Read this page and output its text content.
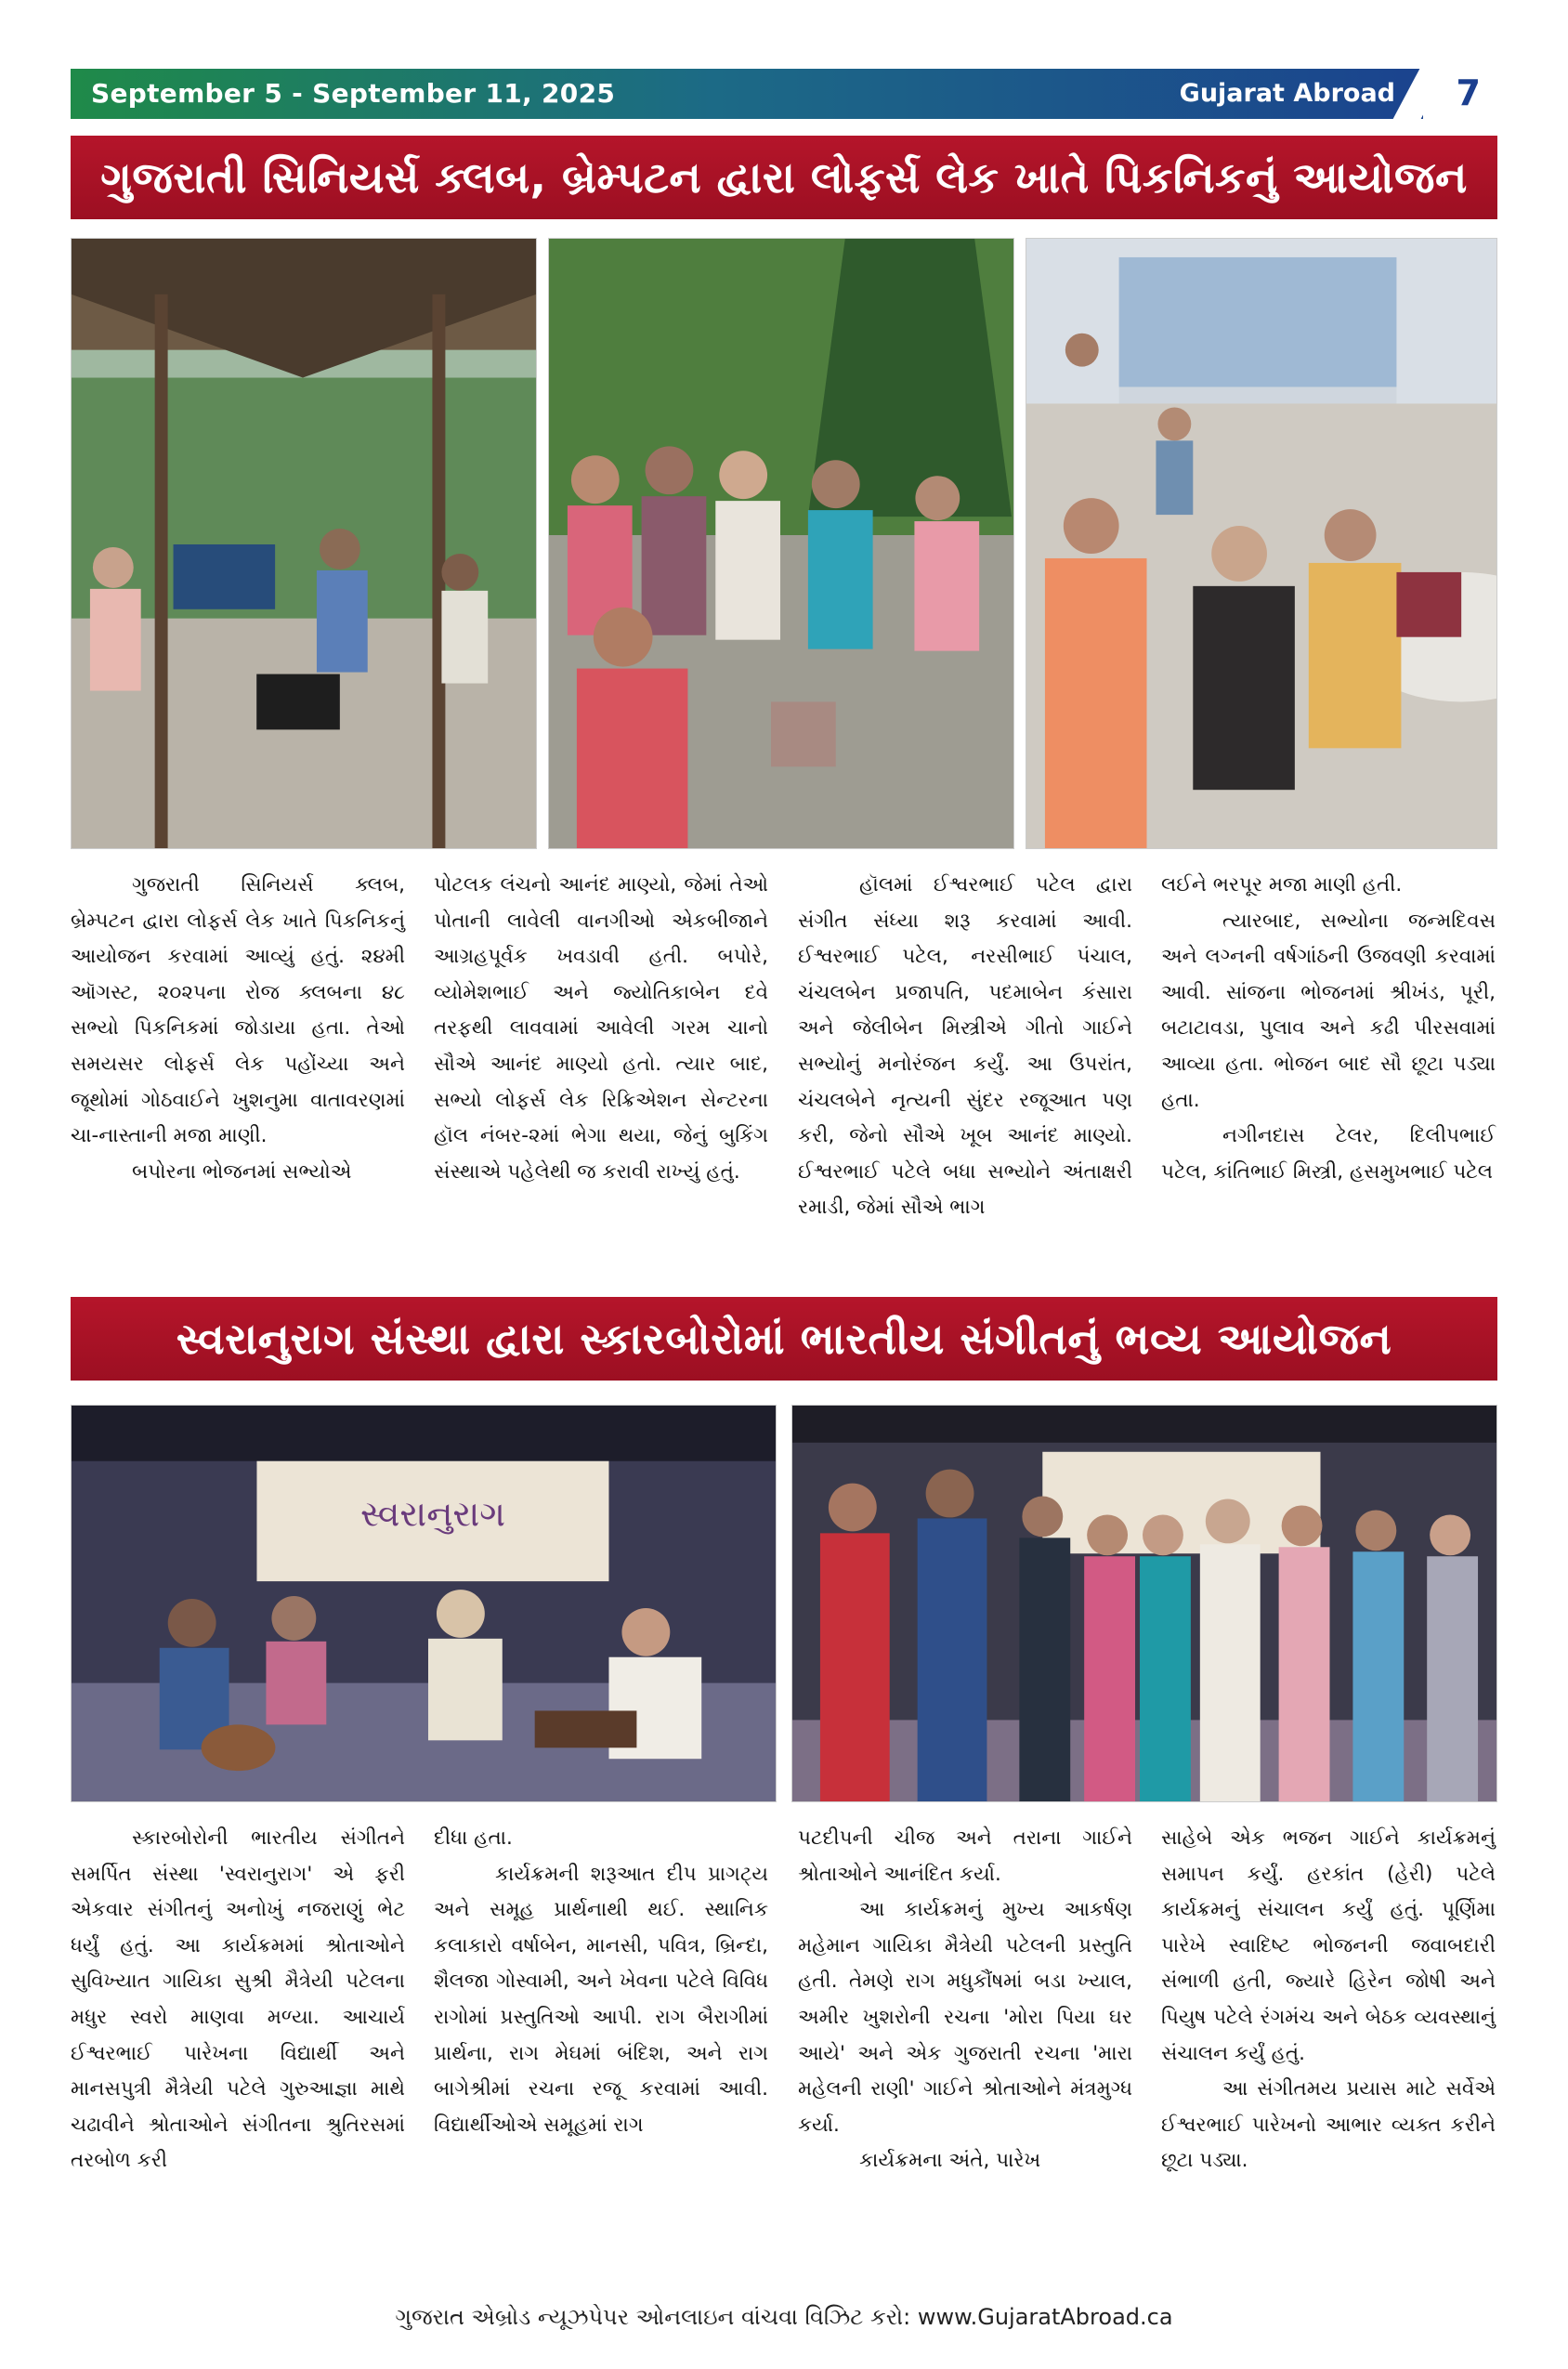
September 5 - September 11, 2025	Gujarat Abroad 7
ગુજરાતી સિનિયર્સ ક્લબ, બ્રેમ્પટન દ્વારા લોફર્સ લેક ખાતે પિકનિકનું આયોજન

ગુજરાતી સિનિયર્સ ક્લબ, બ્રેમ્પટન દ્વારા લોફર્સ લેક ખાતે પિકનિકનું આયોજન કરવામાં આવ્યું હતું. ૨૪મી ઑગસ્ટ, ૨૦૨૫ના રોજ ક્લબના ૪૮ સભ્યો પિકનિકમાં જોડાયા હતા. તેઓ સમયસર લોફર્સ લેક પહોંચ્યા અને જૂથોમાં ગોઠવાઈને ખુશનુમા વાતાવરણમાં ચા-નાસ્તાની મજા માણી.

બપોરના ભોજનમાં સભ્યોએ

પોટલક લંચનો આનંદ માણ્યો, જેમાં તેઓ પોતાની લાવેલી વાનગીઓ એકબીજાને આગ્રહપૂર્વક ખવડાવી હતી. બપોરે, વ્યોમેશભાઈ અને જ્યોતિકાબેન દવે તરફથી લાવવામાં આવેલી ગરમ ચાનો સૌએ આનંદ માણ્યો હતો. ત્યાર બાદ, સભ્યો લોફર્સ લેક રિક્રિએશન સેન્ટરના હૉલ નંબર-૨માં ભેગા થયા, જેનું બુકિંગ સંસ્થાએ પહેલેથી જ કરાવી રાખ્યું હતું.

હૉલમાં ઈશ્વરભાઈ પટેલ દ્વારા સંગીત સંધ્યા શરૂ કરવામાં આવી. ઈશ્વરભાઈ પટેલ, નરસીભાઈ પંચાલ, ચંચલબેન પ્રજાપતિ, પદમાબેન કંસારા અને જેલીબેન મિસ્ત્રીએ ગીતો ગાઈને સભ્યોનું મનોરંજન કર્યું. આ ઉપરાંત, ચંચલબેને નૃત્યની સુંદર રજૂઆત પણ કરી, જેનો સૌએ ખૂબ આનંદ માણ્યો. ઈશ્વરભાઈ પટેલે બધા સભ્યોને અંતાક્ષરી રમાડી, જેમાં સૌએ ભાગ

લઈને ભરપૂર મજા માણી હતી.

ત્યારબાદ, સભ્યોના જન્મદિવસ અને લગ્નની વર્ષગાંઠની ઉજવણી કરવામાં આવી. સાંજના ભોજનમાં શ્રીખંડ, પૂરી, બટાટાવડા, પુલાવ અને કઢી પીરસવામાં આવ્યા હતા. ભોજન બાદ સૌ છૂટા પડ્યા હતા.

નગીનદાસ ટેલર, દિલીપભાઈ પટેલ, કાંતિભાઈ મિસ્ત્રી, હસમુખભાઈ પટેલ

સ્વરાનુરાગ સંસ્થા દ્વારા સ્કારબોરોમાં ભારતીય સંગીતનું ભવ્ય આયોજન
સ્વરાનુરાગ

સ્કારબોરોની ભારતીય સંગીતને સમર્પિત સંસ્થા 'સ્વરાનુરાગ' એ ફરી એકવાર સંગીતનું અનોખું નજરાણું ભેટ ધર્યું હતું. આ કાર્યક્રમમાં શ્રોતાઓને સુવિખ્યાત ગાયિકા સુશ્રી મૈત્રેયી પટેલના મધુર સ્વરો માણવા મળ્યા. આચાર્ય ઈશ્વરભાઈ પારેખના વિદ્યાર્થી અને માનસપુત્રી મૈત્રેયી પટેલે ગુરુઆજ્ઞા માથે ચઢાવીને શ્રોતાઓને સંગીતના શ્રુતિરસમાં તરબોળ કરી

દીધા હતા.

કાર્યક્રમની શરૂઆત દીપ પ્રાગટ્ય અને સમૂહ પ્રાર્થનાથી થઈ. સ્થાનિક કલાકારો વર્ષાબેન, માનસી, પવિત્ર, બ્રિન્દા, શૈલજા ગોસ્વામી, અને ખેવના પટેલે વિવિધ રાગોમાં પ્રસ્તુતિઓ આપી. રાગ બૈરાગીમાં પ્રાર્થના, રાગ મેઘમાં બંદિશ, અને રાગ બાગેશ્રીમાં રચના રજૂ કરવામાં આવી. વિદ્યાર્થીઓએ સમૂહમાં રાગ

પટદીપની ચીજ અને તરાના ગાઈને શ્રોતાઓને આનંદિત કર્યા.

આ કાર્યક્રમનું મુખ્ય આકર્ષણ મહેમાન ગાયિકા મૈત્રેયી પટેલની પ્રસ્તુતિ હતી. તેમણે રાગ મધુકૌંષમાં બડા ખ્યાલ, અમીર ખુશરોની રચના 'મોરા પિયા ઘર આયે' અને એક ગુજરાતી રચના 'મારા મહેલની રાણી' ગાઈને શ્રોતાઓને મંત્રમુગ્ધ કર્યા.

કાર્યક્રમના અંતે, પારેખ

સાહેબે એક ભજન ગાઈને કાર્યક્રમનું સમાપન કર્યું. હરકાંત (હેરી) પટેલે કાર્યક્રમનું સંચાલન કર્યું હતું. પૂર્ણિમા પારેખે સ્વાદિષ્ટ ભોજનની જવાબદારી સંભાળી હતી, જ્યારે હિરેન જોષી અને પિયુષ પટેલે રંગમંચ અને બેઠક વ્યવસ્થાનું સંચાલન કર્યું હતું.

આ સંગીતમય પ્રયાસ માટે સર્વેએ ઈશ્વરભાઈ પારેખનો આભાર વ્યક્ત કરીને છૂટા પડ્યા.

ગુજરાત એબ્રોડ ન્યૂઝપેપર ઓનલાઇન વાંચવા વિઝિટ કરો: www.GujaratAbroad.ca
